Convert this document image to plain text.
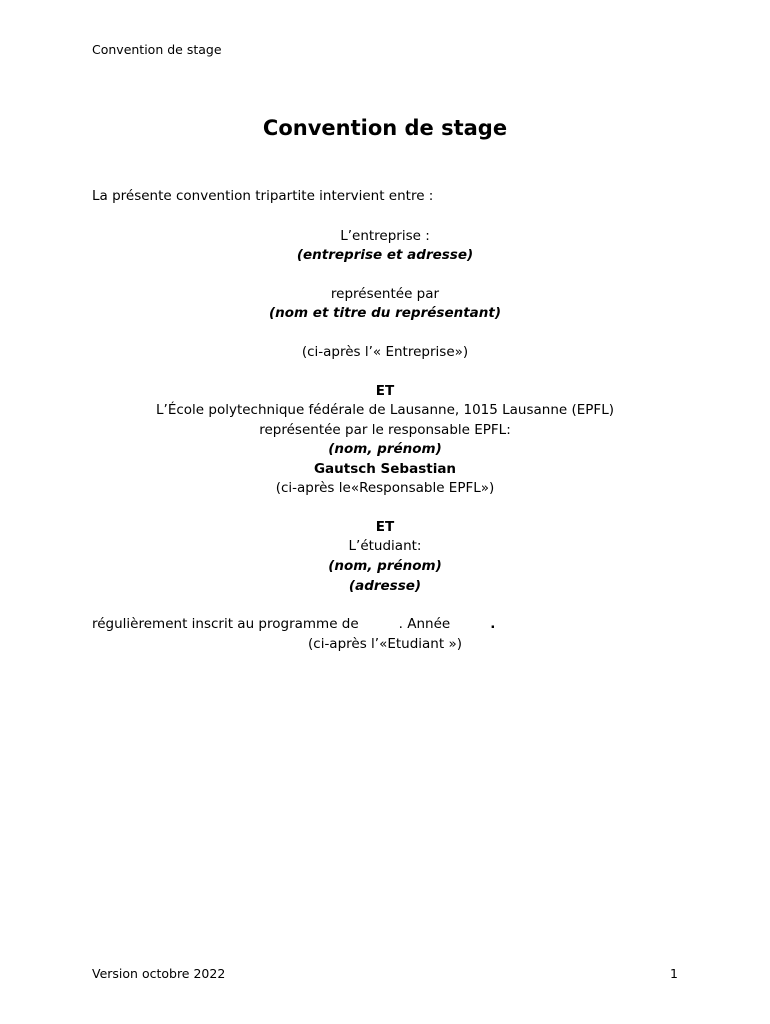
Convention de stage
Convention de stage
La présente convention tripartite intervient entre :
L’entreprise :
(entreprise et adresse)
représentée par
(nom et titre du représentant)
(ci-après l’« Entreprise»)
ET
L’École polytechnique fédérale de Lausanne, 1015 Lausanne (EPFL)
représentée par le responsable EPFL:
(nom, prénom)
Gautsch Sebastian
(ci-après le«Responsable EPFL»)
ET
L’étudiant:
(nom, prénom)
(adresse)
régulièrement inscrit au programme de	. Année	.
(ci-après l’«Etudiant »)
Version octobre 2022	1
